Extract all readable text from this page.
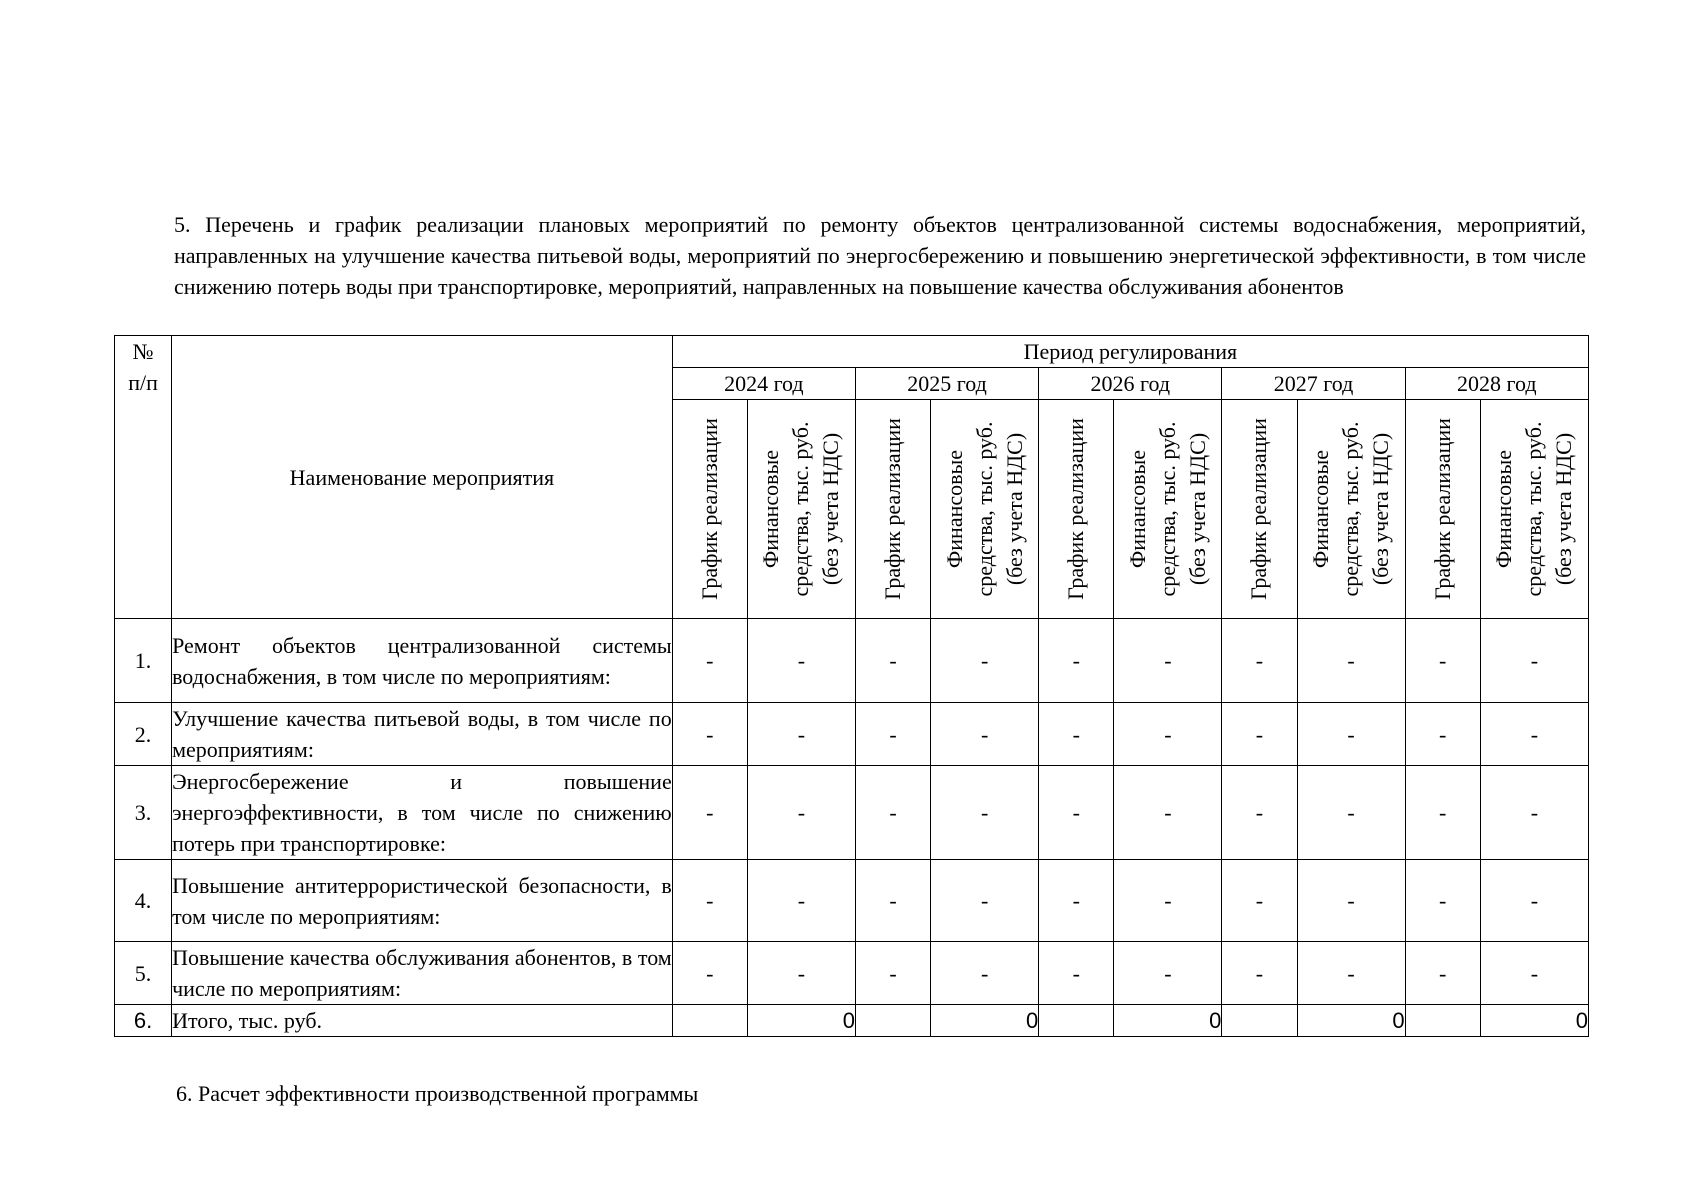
5. Перечень и график реализации плановых мероприятий по ремонту объектов централизованной системы водоснабжения, мероприятий, направленных на улучшение качества питьевой воды, мероприятий по энергосбережению и повышению энергетической эффективности, в том числе снижению потерь воды при транспортировке, мероприятий, направленных на повышение качества обслуживания абонентов
№ п/п	Наименование мероприятия	Период регулирования									
		2024 год		2025 год		2026 год		2027 год		2028 год	

		График реализации	Финансовые средства, тыс. руб. (без учета НДС)	График реализации	Финансовые средства, тыс. руб. (без учета НДС)	График реализации	Финансовые средства, тыс. руб. (без учета НДС)	График реализации	Финансовые средства, тыс. руб. (без учета НДС)	График реализации	Финансовые средства, тыс. руб. (без учета НДС)

1.	Ремонт объектов централизованной системы водоснабжения, в том числе по мероприятиям:	-	-	-	-	-	-	-	-	-	-
2.	Улучшение качества питьевой воды, в том числе по мероприятиям:	-	-	-	-	-	-	-	-	-	-
3.	Энергосбережение и повышение энергоэффективности, в том числе по снижению потерь при транспортировке:	-	-	-	-	-	-	-	-	-	-
4.	Повышение антитеррористической безопасности, в том числе по мероприятиям:	-	-	-	-	-	-	-	-	-	-
5.	Повышение качества обслуживания абонентов, в том числе по мероприятиям:	-	-	-	-	-	-	-	-	-	-
6.	Итого, тыс. руб.		0		0		0		0		0
6. Расчет эффективности производственной программы
